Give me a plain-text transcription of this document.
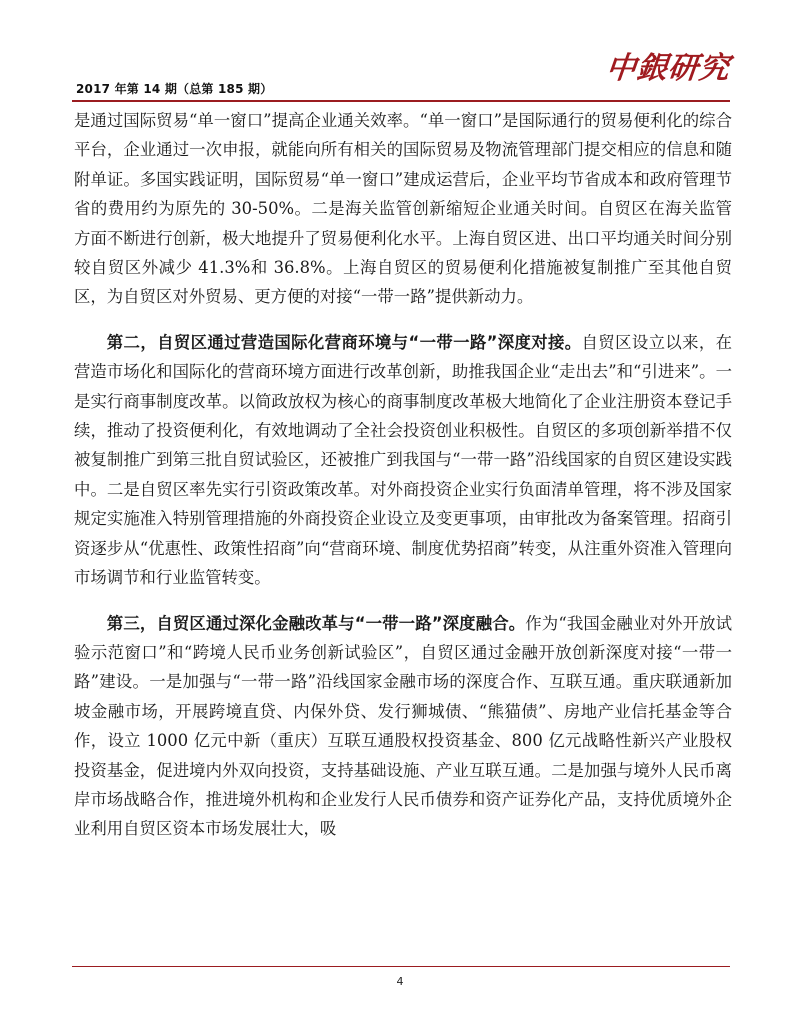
2017 年第 14 期（总第 185 期）
中銀研究

是通过国际贸易“单一窗口”提高企业通关效率。“单一窗口”是国际通行的贸易便利化的综合平台，企业通过一次申报，就能向所有相关的国际贸易及物流管理部门提交相应的信息和随附单证。多国实践证明，国际贸易“单一窗口”建成运营后，企业平均节省成本和政府管理节省的费用约为原先的 30-50%。二是海关监管创新缩短企业通关时间。自贸区在海关监管方面不断进行创新，极大地提升了贸易便利化水平。上海自贸区进、出口平均通关时间分别较自贸区外减少 41.3%和 36.8%。上海自贸区的贸易便利化措施被复制推广至其他自贸区，为自贸区对外贸易、更方便的对接“一带一路”提供新动力。

第二，自贸区通过营造国际化营商环境与“一带一路”深度对接。自贸区设立以来，在营造市场化和国际化的营商环境方面进行改革创新，助推我国企业“走出去”和“引进来”。一是实行商事制度改革。以简政放权为核心的商事制度改革极大地简化了企业注册资本登记手续，推动了投资便利化，有效地调动了全社会投资创业积极性。自贸区的多项创新举措不仅被复制推广到第三批自贸试验区，还被推广到我国与“一带一路”沿线国家的自贸区建设实践中。二是自贸区率先实行引资政策改革。对外商投资企业实行负面清单管理，将不涉及国家规定实施准入特别管理措施的外商投资企业设立及变更事项，由审批改为备案管理。招商引资逐步从“优惠性、政策性招商”向“营商环境、制度优势招商”转变，从注重外资准入管理向市场调节和行业监管转变。

第三，自贸区通过深化金融改革与“一带一路”深度融合。作为“我国金融业对外开放试验示范窗口”和“跨境人民币业务创新试验区”，自贸区通过金融开放创新深度对接“一带一路”建设。一是加强与“一带一路”沿线国家金融市场的深度合作、互联互通。重庆联通新加坡金融市场，开展跨境直贷、内保外贷、发行狮城债、“熊猫债”、房地产业信托基金等合作，设立 1000 亿元中新（重庆）互联互通股权投资基金、800 亿元战略性新兴产业股权投资基金，促进境内外双向投资，支持基础设施、产业互联互通。二是加强与境外人民币离岸市场战略合作，推进境外机构和企业发行人民币债券和资产证券化产品，支持优质境外企业利用自贸区资本市场发展壮大，吸

4
